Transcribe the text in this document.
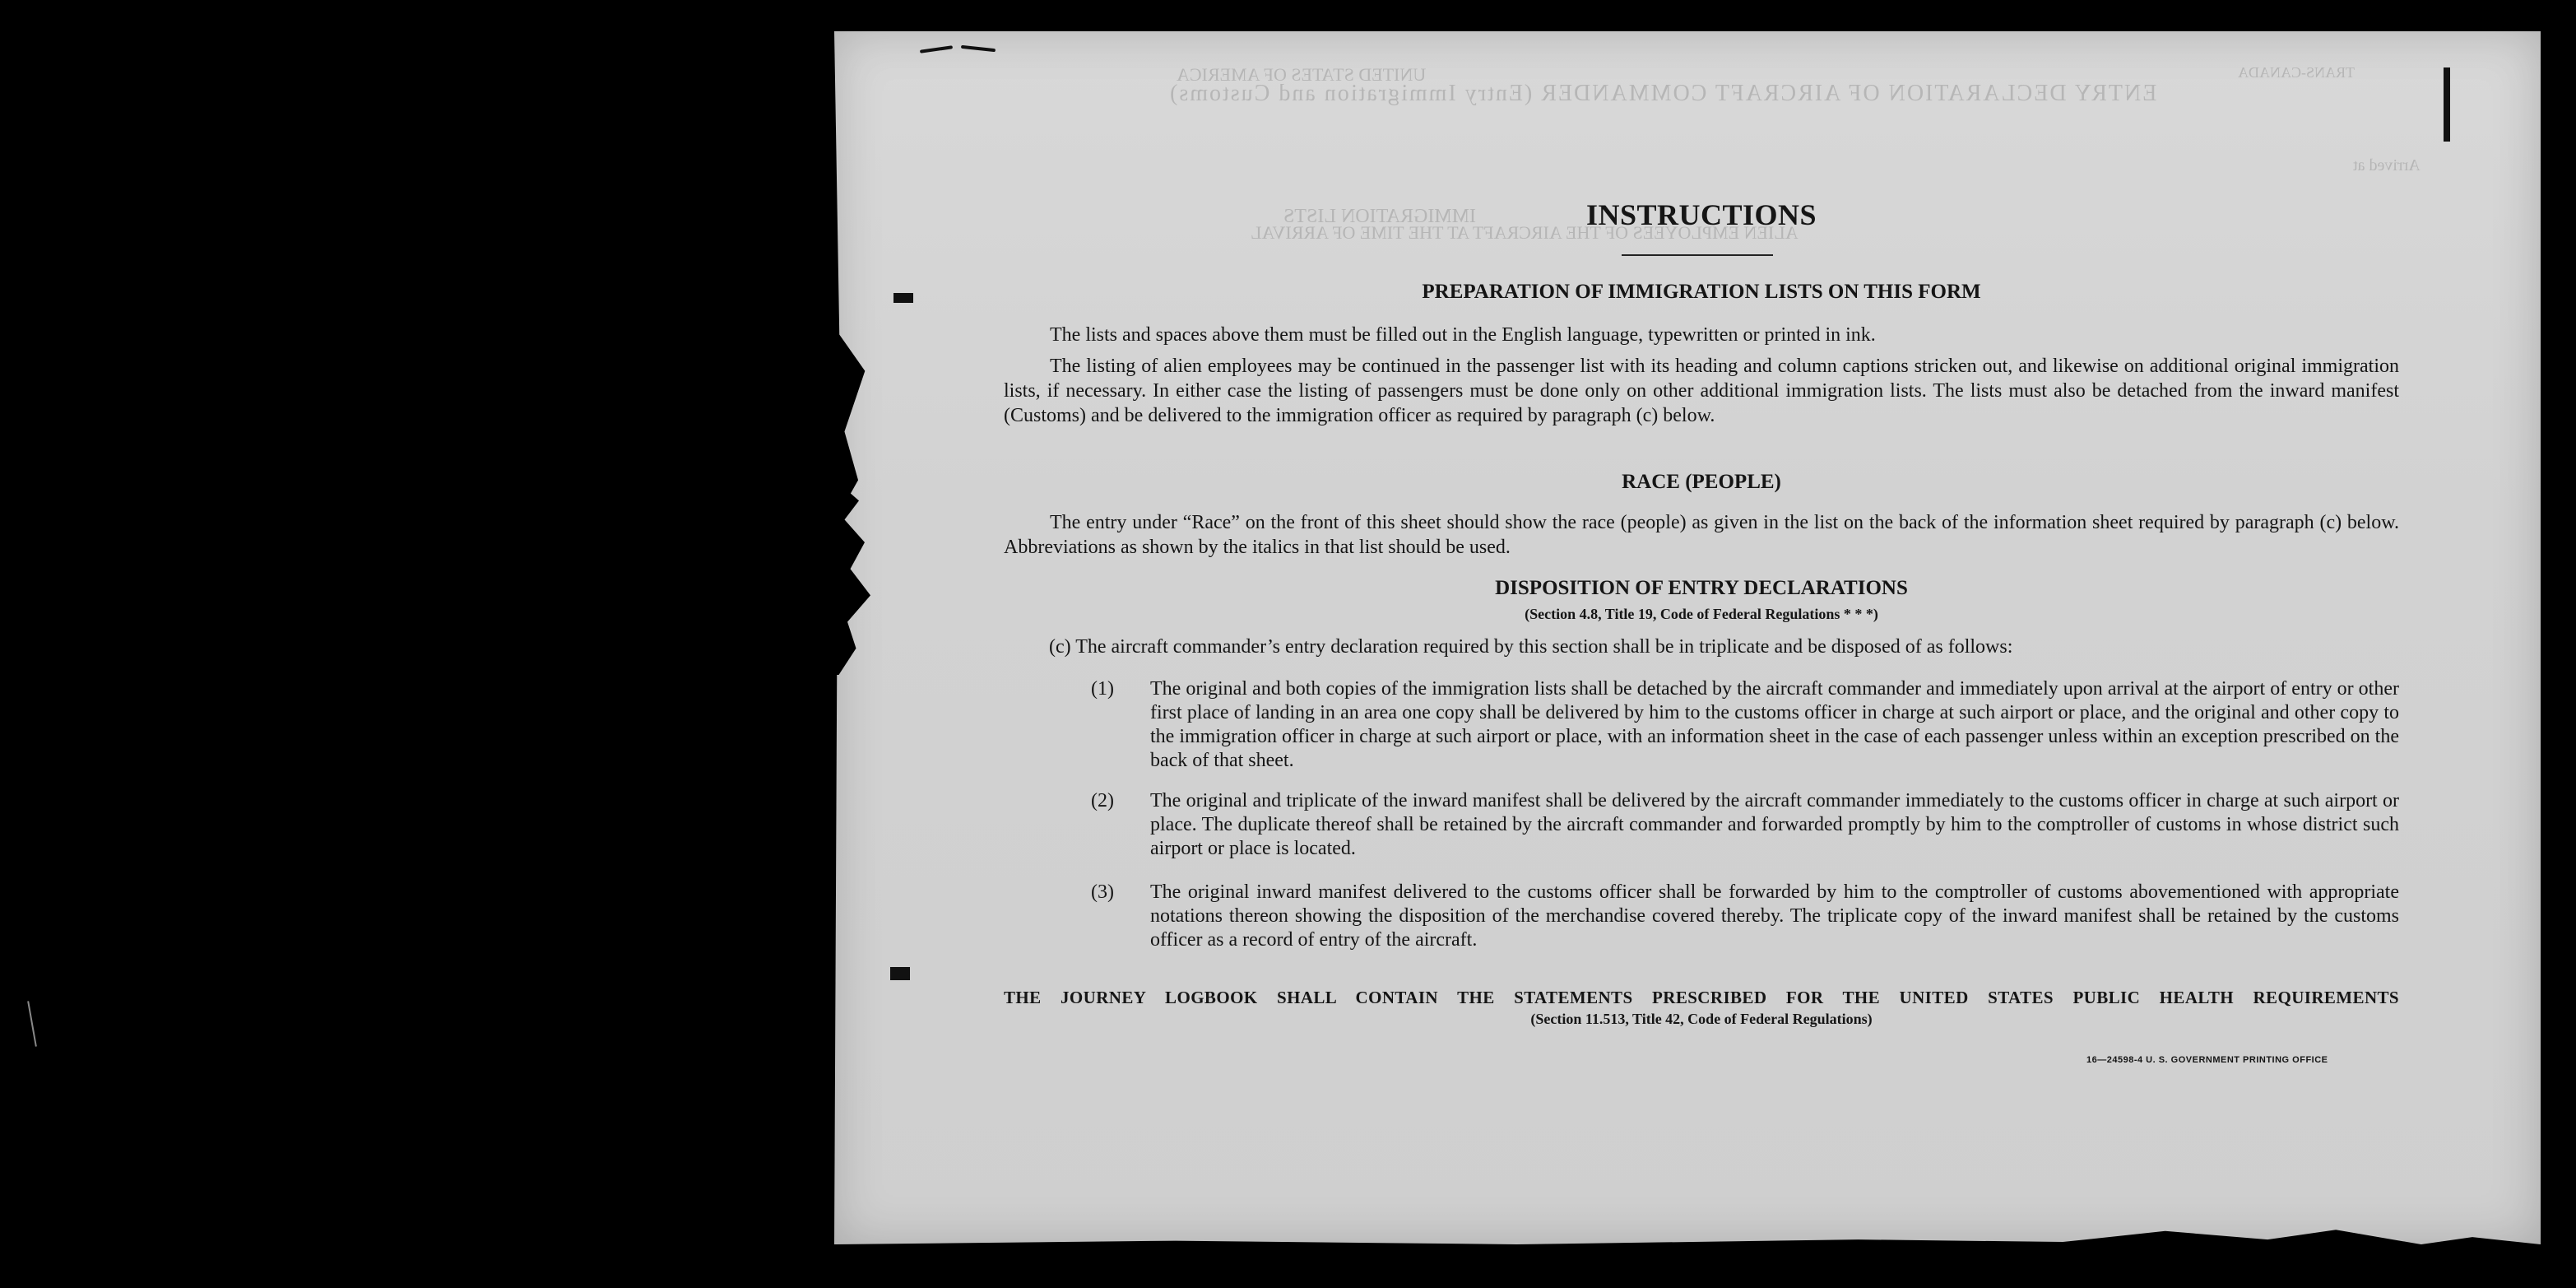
UNITED STATES OF AMERICA
ENTRY DECLARATION OF AIRCRAFT COMMANDER (Entry Immigration and Customs)
IMMIGRATION LISTS
ALIEN EMPLOYEES OF THE AIRCRAFT AT THE TIME OF ARRIVAL
TRANS-CANADA
Arrived at
INSTRUCTIONS
PREPARATION OF IMMIGRATION LISTS ON THIS FORM
The lists and spaces above them must be filled out in the English language, typewritten or printed in ink.
The listing of alien employees may be continued in the passenger list with its heading and column captions stricken out, and likewise on additional original immigration lists, if necessary. In either case the listing of passengers must be done only on other additional immigration lists. The lists must also be detached from the inward manifest (Customs) and be delivered to the immigration officer as required by paragraph (c) below.
RACE (PEOPLE)
The entry under “Race” on the front of this sheet should show the race (people) as given in the list on the back of the information sheet required by paragraph (c) below. Abbreviations as shown by the italics in that list should be used.
DISPOSITION OF ENTRY DECLARATIONS
(Section 4.8, Title 19, Code of Federal Regulations * * *)
(c) The aircraft commander’s entry declaration required by this section shall be in triplicate and be disposed of as follows:
(1) The original and both copies of the immigration lists shall be detached by the aircraft commander and immediately upon arrival at the airport of entry or other first place of landing in an area one copy shall be delivered by him to the customs officer in charge at such airport or place, and the original and other copy to the immigration officer in charge at such airport or place, with an information sheet in the case of each passenger unless within an exception prescribed on the back of that sheet.
(2) The original and triplicate of the inward manifest shall be delivered by the aircraft commander immediately to the customs officer in charge at such airport or place. The duplicate thereof shall be retained by the aircraft commander and forwarded promptly by him to the comptroller of customs in whose district such airport or place is located.
(3) The original inward manifest delivered to the customs officer shall be forwarded by him to the comptroller of customs abovementioned with appropriate notations thereon showing the disposition of the merchandise covered thereby. The triplicate copy of the inward manifest shall be retained by the customs officer as a record of entry of the aircraft.
THE JOURNEY LOGBOOK SHALL CONTAIN THE STATEMENTS PRESCRIBED FOR THE UNITED STATES PUBLIC HEALTH REQUIREMENTS
(Section 11.513, Title 42, Code of Federal Regulations)
16—24598-4 U. S. GOVERNMENT PRINTING OFFICE
